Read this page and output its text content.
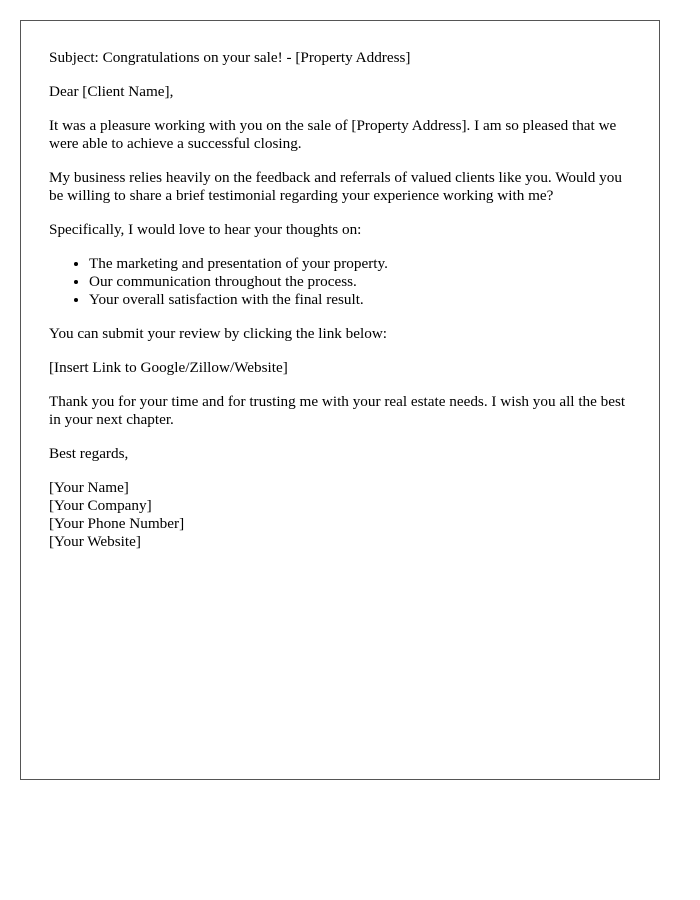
Subject: Congratulations on your sale! - [Property Address]

Dear [Client Name],

It was a pleasure working with you on the sale of [Property Address]. I am so pleased that we were able to achieve a successful closing.

My business relies heavily on the feedback and referrals of valued clients like you. Would you be willing to share a brief testimonial regarding your experience working with me?

Specifically, I would love to hear your thoughts on:

• The marketing and presentation of your property.
• Our communication throughout the process.
• Your overall satisfaction with the final result.

You can submit your review by clicking the link below:

[Insert Link to Google/Zillow/Website]

Thank you for your time and for trusting me with your real estate needs. I wish you all the best in your next chapter.

Best regards,

[Your Name]
[Your Company]
[Your Phone Number]
[Your Website]
